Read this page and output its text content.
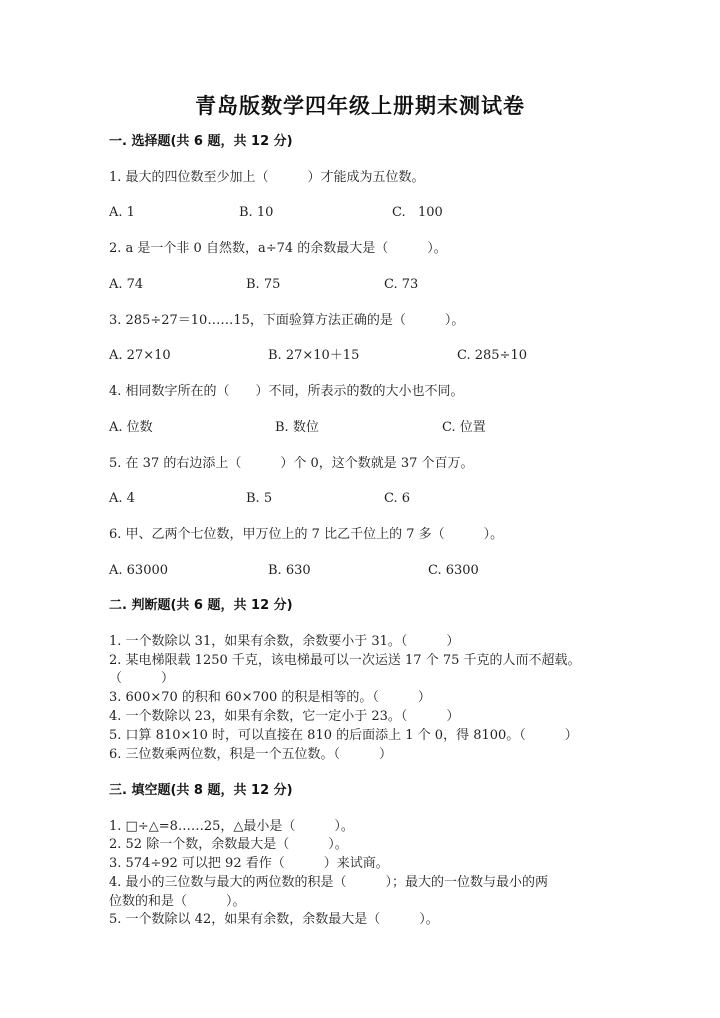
青岛版数学四年级上册期末测试卷
一. 选择题(共 6 题，共 12 分)
1. 最大的四位数至少加上（　　　）才能成为五位数。
A. 1	B. 10	C.   100
2. a 是一个非 0 自然数，a÷74 的余数最大是（　　　）。
A. 74	B. 75	C. 73
3. 285÷27＝10……15，下面验算方法正确的是（　　　）。
A. 27×10	B. 27×10＋15	C. 285÷10
4. 相同数字所在的（　　）不同，所表示的数的大小也不同。
A. 位数	B. 数位	C. 位置
5. 在 37 的右边添上（　　　）个 0，这个数就是 37 个百万。
A. 4	B. 5	C. 6
6. 甲、乙两个七位数，甲万位上的 7 比乙千位上的 7 多（　　　）。
A. 63000	B. 630	C. 6300
二. 判断题(共 6 题，共 12 分)
1. 一个数除以 31，如果有余数，余数要小于 31。（　　　）
2. 某电梯限载 1250 千克，该电梯最可以一次运送 17 个 75 千克的人而不超载。
（　　　）
3. 600×70 的积和 60×700 的积是相等的。（　　　）
4. 一个数除以 23，如果有余数，它一定小于 23。（　　　）
5. 口算 810×10 时，可以直接在 810 的后面添上 1 个 0，得 8100。（　　　）
6. 三位数乘两位数，积是一个五位数。（　　　）
三. 填空题(共 8 题，共 12 分)
1. □÷△=8……25，△最小是（　　　）。
2. 52 除一个数，余数最大是（　　　）。
3. 574÷92 可以把 92 看作（　　　）来试商。
4. 最小的三位数与最大的两位数的积是（　　　）；最大的一位数与最小的两
位数的和是（　　　）。
5. 一个数除以 42，如果有余数，余数最大是（　　　）。
